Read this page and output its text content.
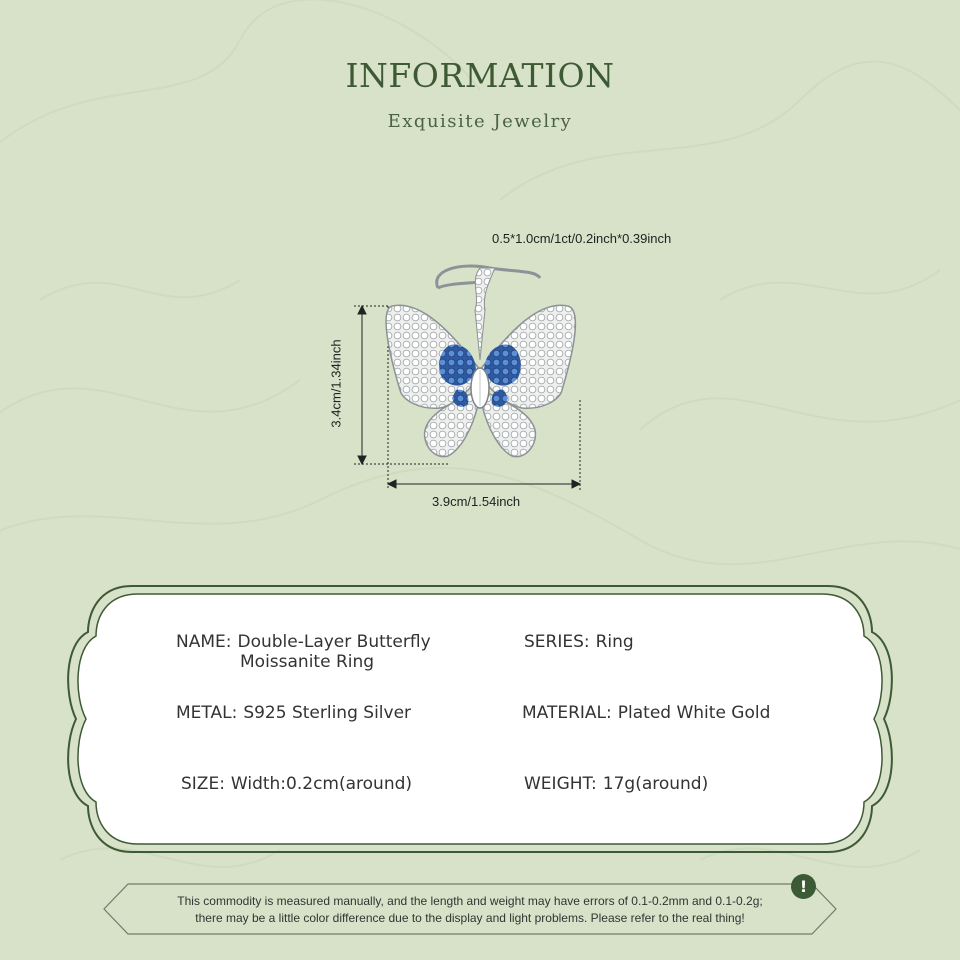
INFORMATION
Exquisite Jewelry
0.5*1.0cm/1ct/0.2inch*0.39inch
3.4cm/1.34inch
3.9cm/1.54inch
NAME: Double-Layer Butterfly
Moissanite Ring
SERIES: Ring
METAL: S925 Sterling Silver	MATERIAL: Plated White Gold
SIZE: Width:0.2cm(around)	WEIGHT: 17g(around)
This commodity is measured manually, and the length and weight may have errors of 0.1-0.2mm and 0.1-0.2g;
there may be a little color difference due to the display and light problems. Please refer to the real thing!
!
